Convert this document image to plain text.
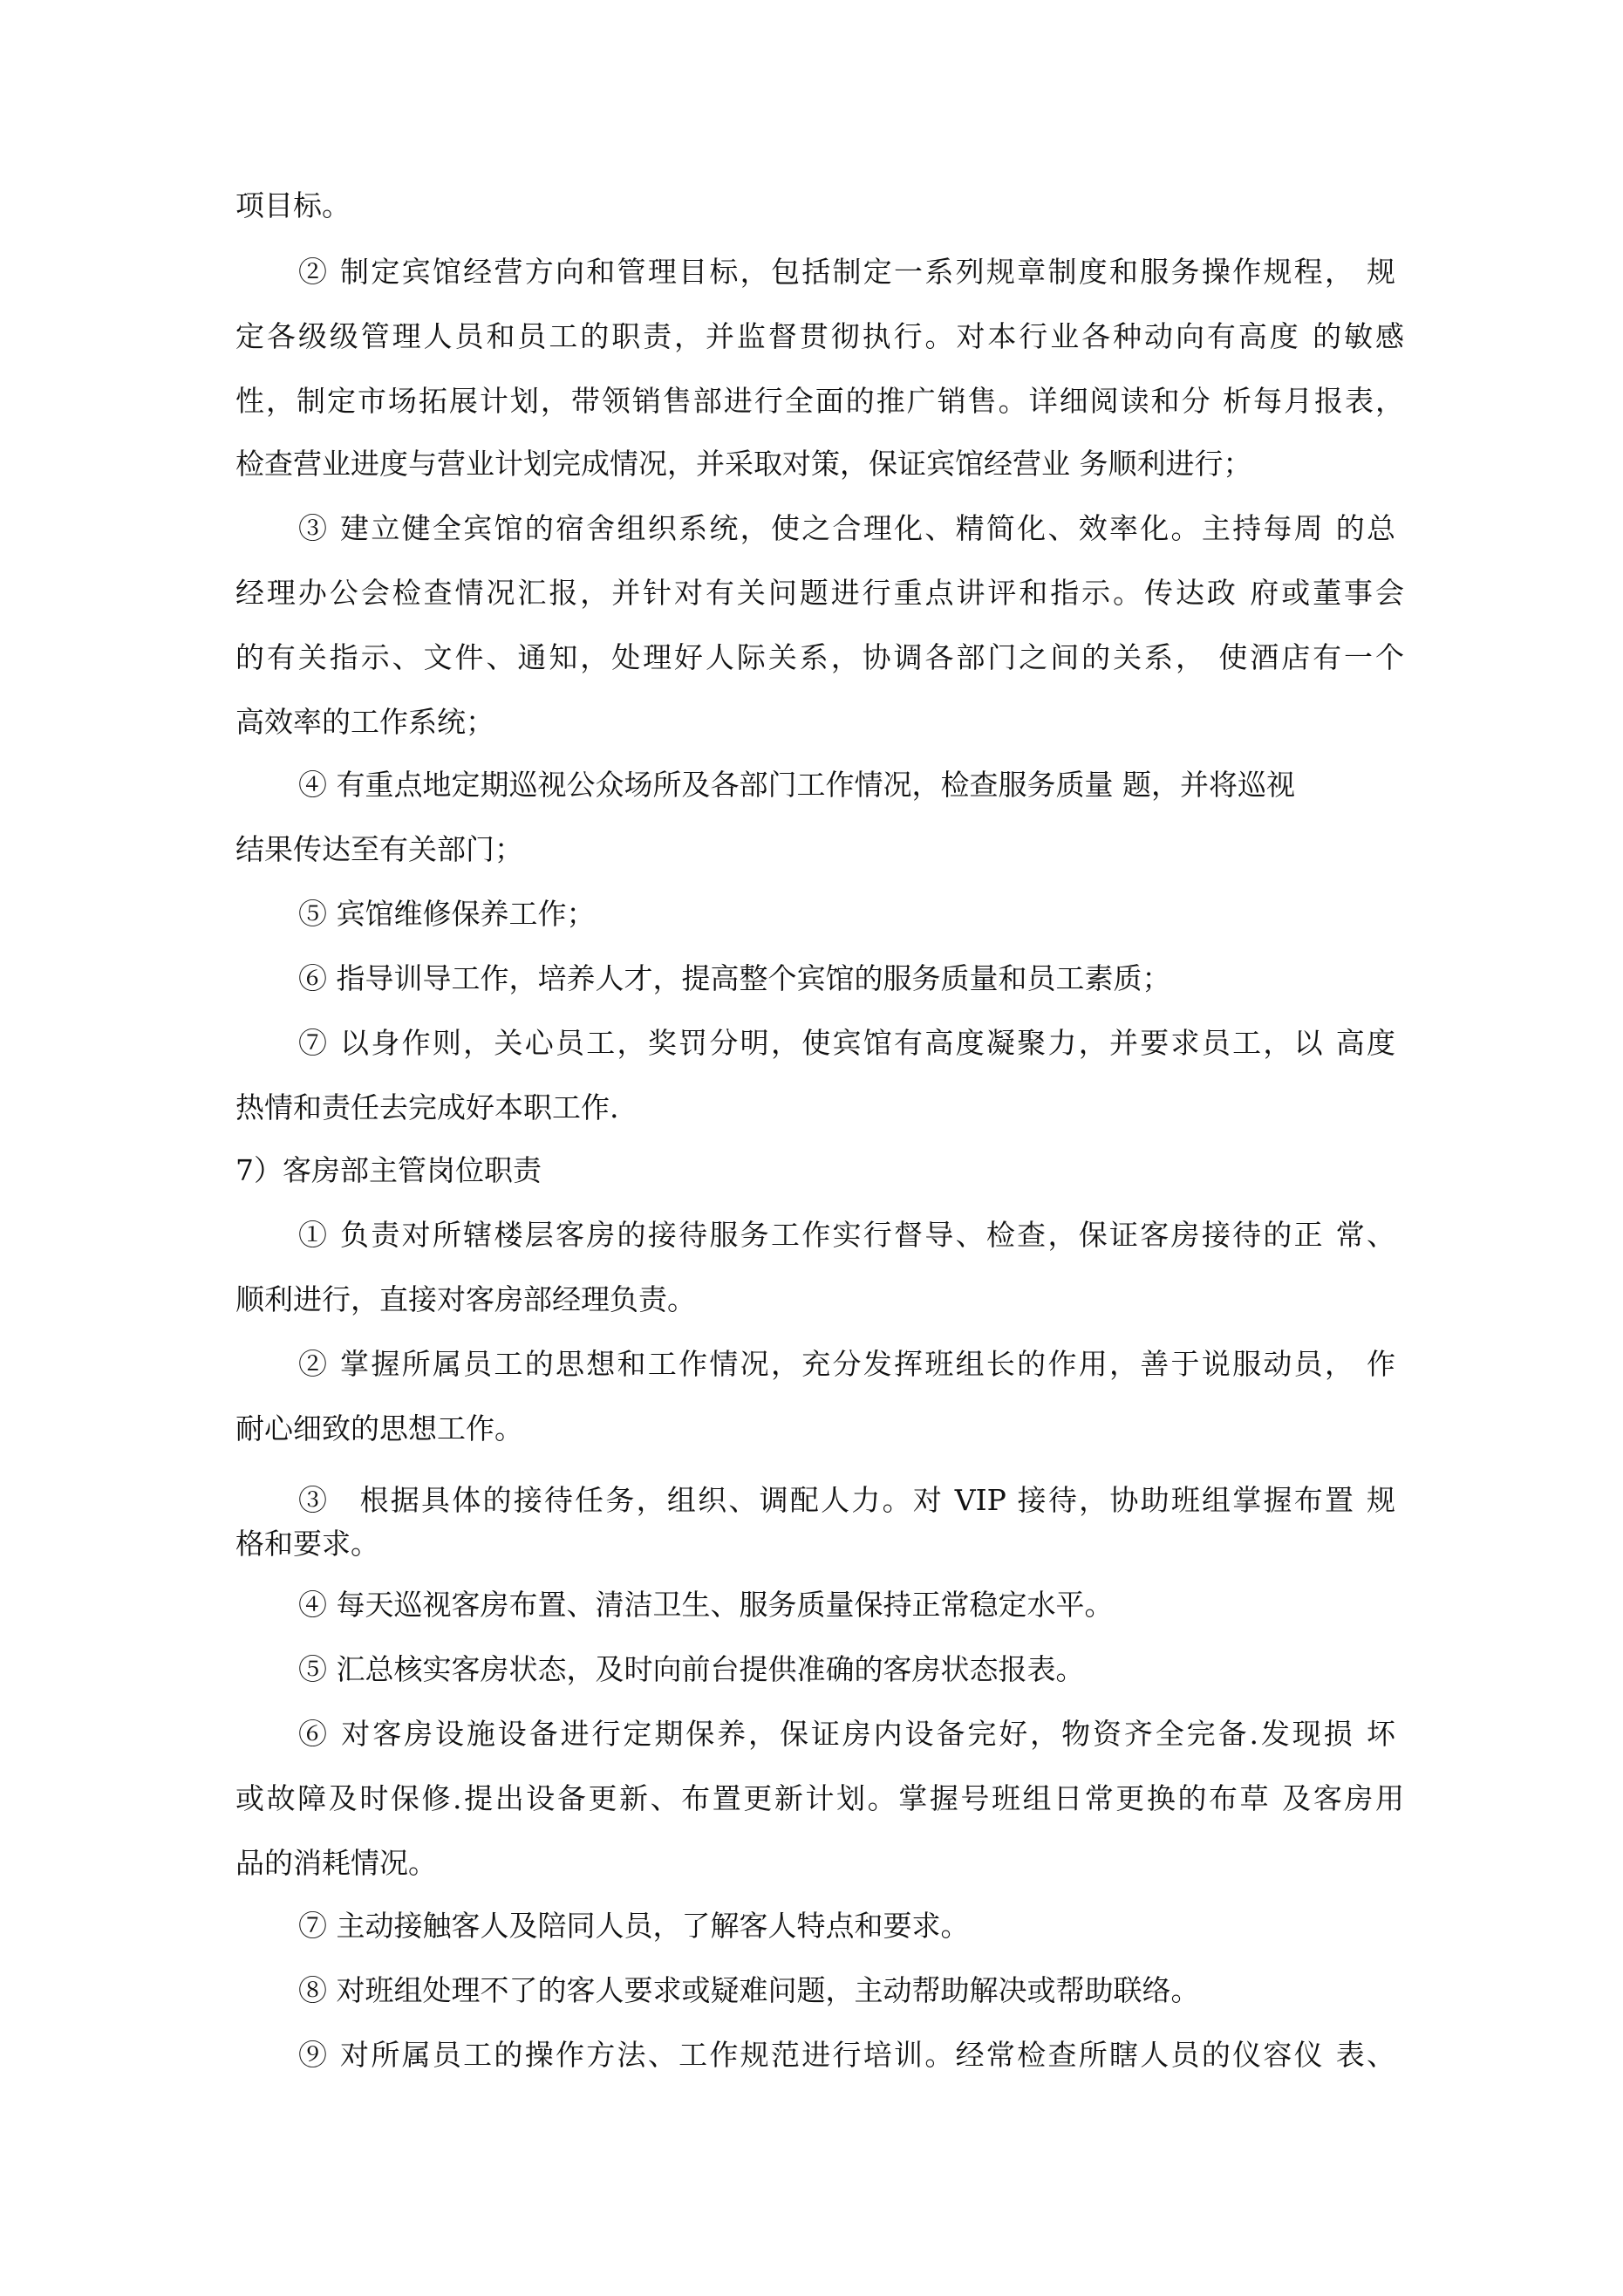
项目标。
② 制定宾馆经营方向和管理目标，包括制定一系列规章制度和服务操作规程， 规
定各级级管理人员和员工的职责，并监督贯彻执行。对本行业各种动向有高度 的敏感
性，制定市场拓展计划，带领销售部进行全面的推广销售。详细阅读和分 析每月报表，
检查营业进度与营业计划完成情况，并采取对策，保证宾馆经营业 务顺利进行；
③ 建立健全宾馆的宿舍组织系统，使之合理化、精简化、效率化。主持每周 的总
经理办公会检查情况汇报，并针对有关问题进行重点讲评和指示。传达政 府或董事会
的有关指示、文件、通知，处理好人际关系，协调各部门之间的关系， 使酒店有一个
高效率的工作系统；
④ 有重点地定期巡视公众场所及各部门工作情况，检查服务质量 题，并将巡视
结果传达至有关部门；
⑤ 宾馆维修保养工作；
⑥ 指导训导工作，培养人才，提高整个宾馆的服务质量和员工素质；
⑦ 以身作则，关心员工，奖罚分明，使宾馆有高度凝聚力，并要求员工，以 高度
热情和责任去完成好本职工作.
7）客房部主管岗位职责
① 负责对所辖楼层客房的接待服务工作实行督导、检查，保证客房接待的正 常、
顺利进行，直接对客房部经理负责。
② 掌握所属员工的思想和工作情况，充分发挥班组长的作用，善于说服动员， 作
耐心细致的思想工作。
③　根据具体的接待任务，组织、调配人力。对 VIP 接待，协助班组掌握布置 规
格和要求。
④ 每天巡视客房布置、清洁卫生、服务质量保持正常稳定水平。
⑤ 汇总核实客房状态，及时向前台提供准确的客房状态报表。
⑥ 对客房设施设备进行定期保养，保证房内设备完好，物资齐全完备.发现损 坏
或故障及时保修.提出设备更新、布置更新计划。掌握号班组日常更换的布草 及客房用
品的消耗情况。
⑦ 主动接触客人及陪同人员，了解客人特点和要求。
⑧ 对班组处理不了的客人要求或疑难问题，主动帮助解决或帮助联络。
⑨ 对所属员工的操作方法、工作规范进行培训。经常检查所瞎人员的仪容仪 表、
